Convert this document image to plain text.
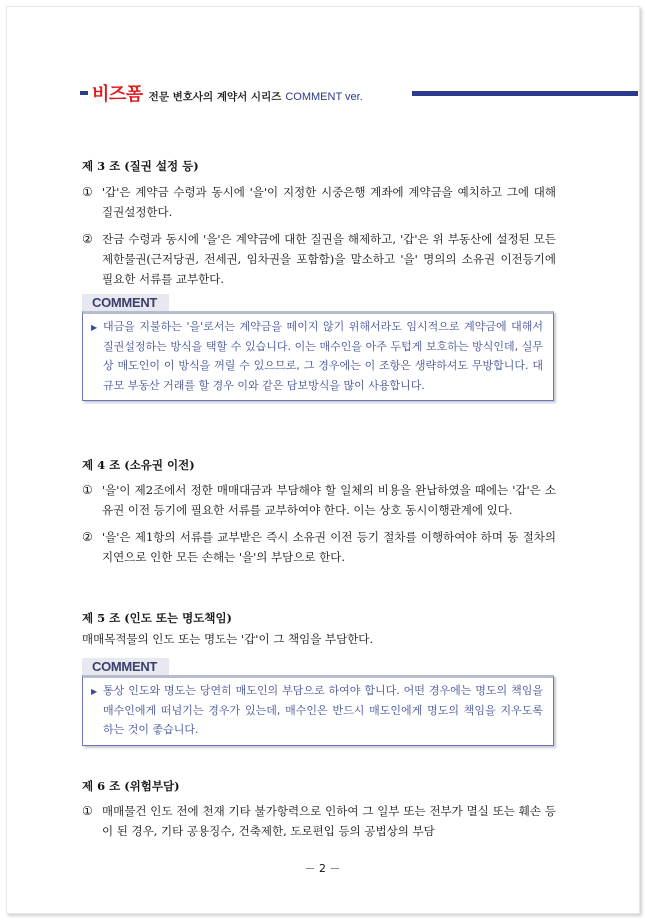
비즈폼 전문 변호사의 계약서 시리즈 COMMENT ver.
제 3 조 (질권 설정 등)
① '갑'은 계약금 수령과 동시에 '을'이 지정한 시중은행 계좌에 계약금을 예치하고 그에 대해 질권설정한다.
② 잔금 수령과 동시에 '을'은 계약금에 대한 질권을 해제하고, '갑'은 위 부동산에 설정된 모든 제한물권(근저당권, 전세권, 임차권을 포함함)을 말소하고 '을' 명의의 소유권 이전등기에 필요한 서류를 교부한다.
COMMENT
▶ 대금을 지불하는 '을'로서는 계약금을 떼이지 않기 위해서라도 임시적으로 계약금에 대해서 질권설정하는 방식을 택할 수 있습니다. 이는 매수인을 아주 두텁게 보호하는 방식인데, 실무상 매도인이 이 방식을 꺼릴 수 있으므로, 그 경우에는 이 조항은 생략하셔도 무방합니다. 대규모 부동산 거래를 할 경우 이와 같은 담보방식을 많이 사용합니다.
제 4 조 (소유권 이전)
① '을'이 제2조에서 정한 매매대금과 부담해야 할 일체의 비용을 완납하였을 때에는 '갑'은 소유권 이전 등기에 필요한 서류를 교부하여야 한다. 이는 상호 동시이행관계에 있다.
② '을'은 제1항의 서류를 교부받은 즉시 소유권 이전 등기 절차를 이행하여야 하며 동 절차의 지연으로 인한 모든 손해는 '을'의 부담으로 한다.
제 5 조 (인도 또는 명도책임)
매매목적물의 인도 또는 명도는 '갑'이 그 책임을 부담한다.
COMMENT
▶ 통상 인도와 명도는 당연히 매도인의 부담으로 하여야 합니다. 어떤 경우에는 명도의 책임을 매수인에게 떠넘기는 경우가 있는데, 매수인은 반드시 매도인에게 명도의 책임을 지우도록 하는 것이 좋습니다.
제 6 조 (위험부담)
① 매매물건 인도 전에 천재 기타 불가항력으로 인하여 그 일부 또는 전부가 멸실 또는 훼손 등이 된 경우, 기타 공용징수, 건축제한, 도로편입 등의 공법상의 부담
－ 2 －
